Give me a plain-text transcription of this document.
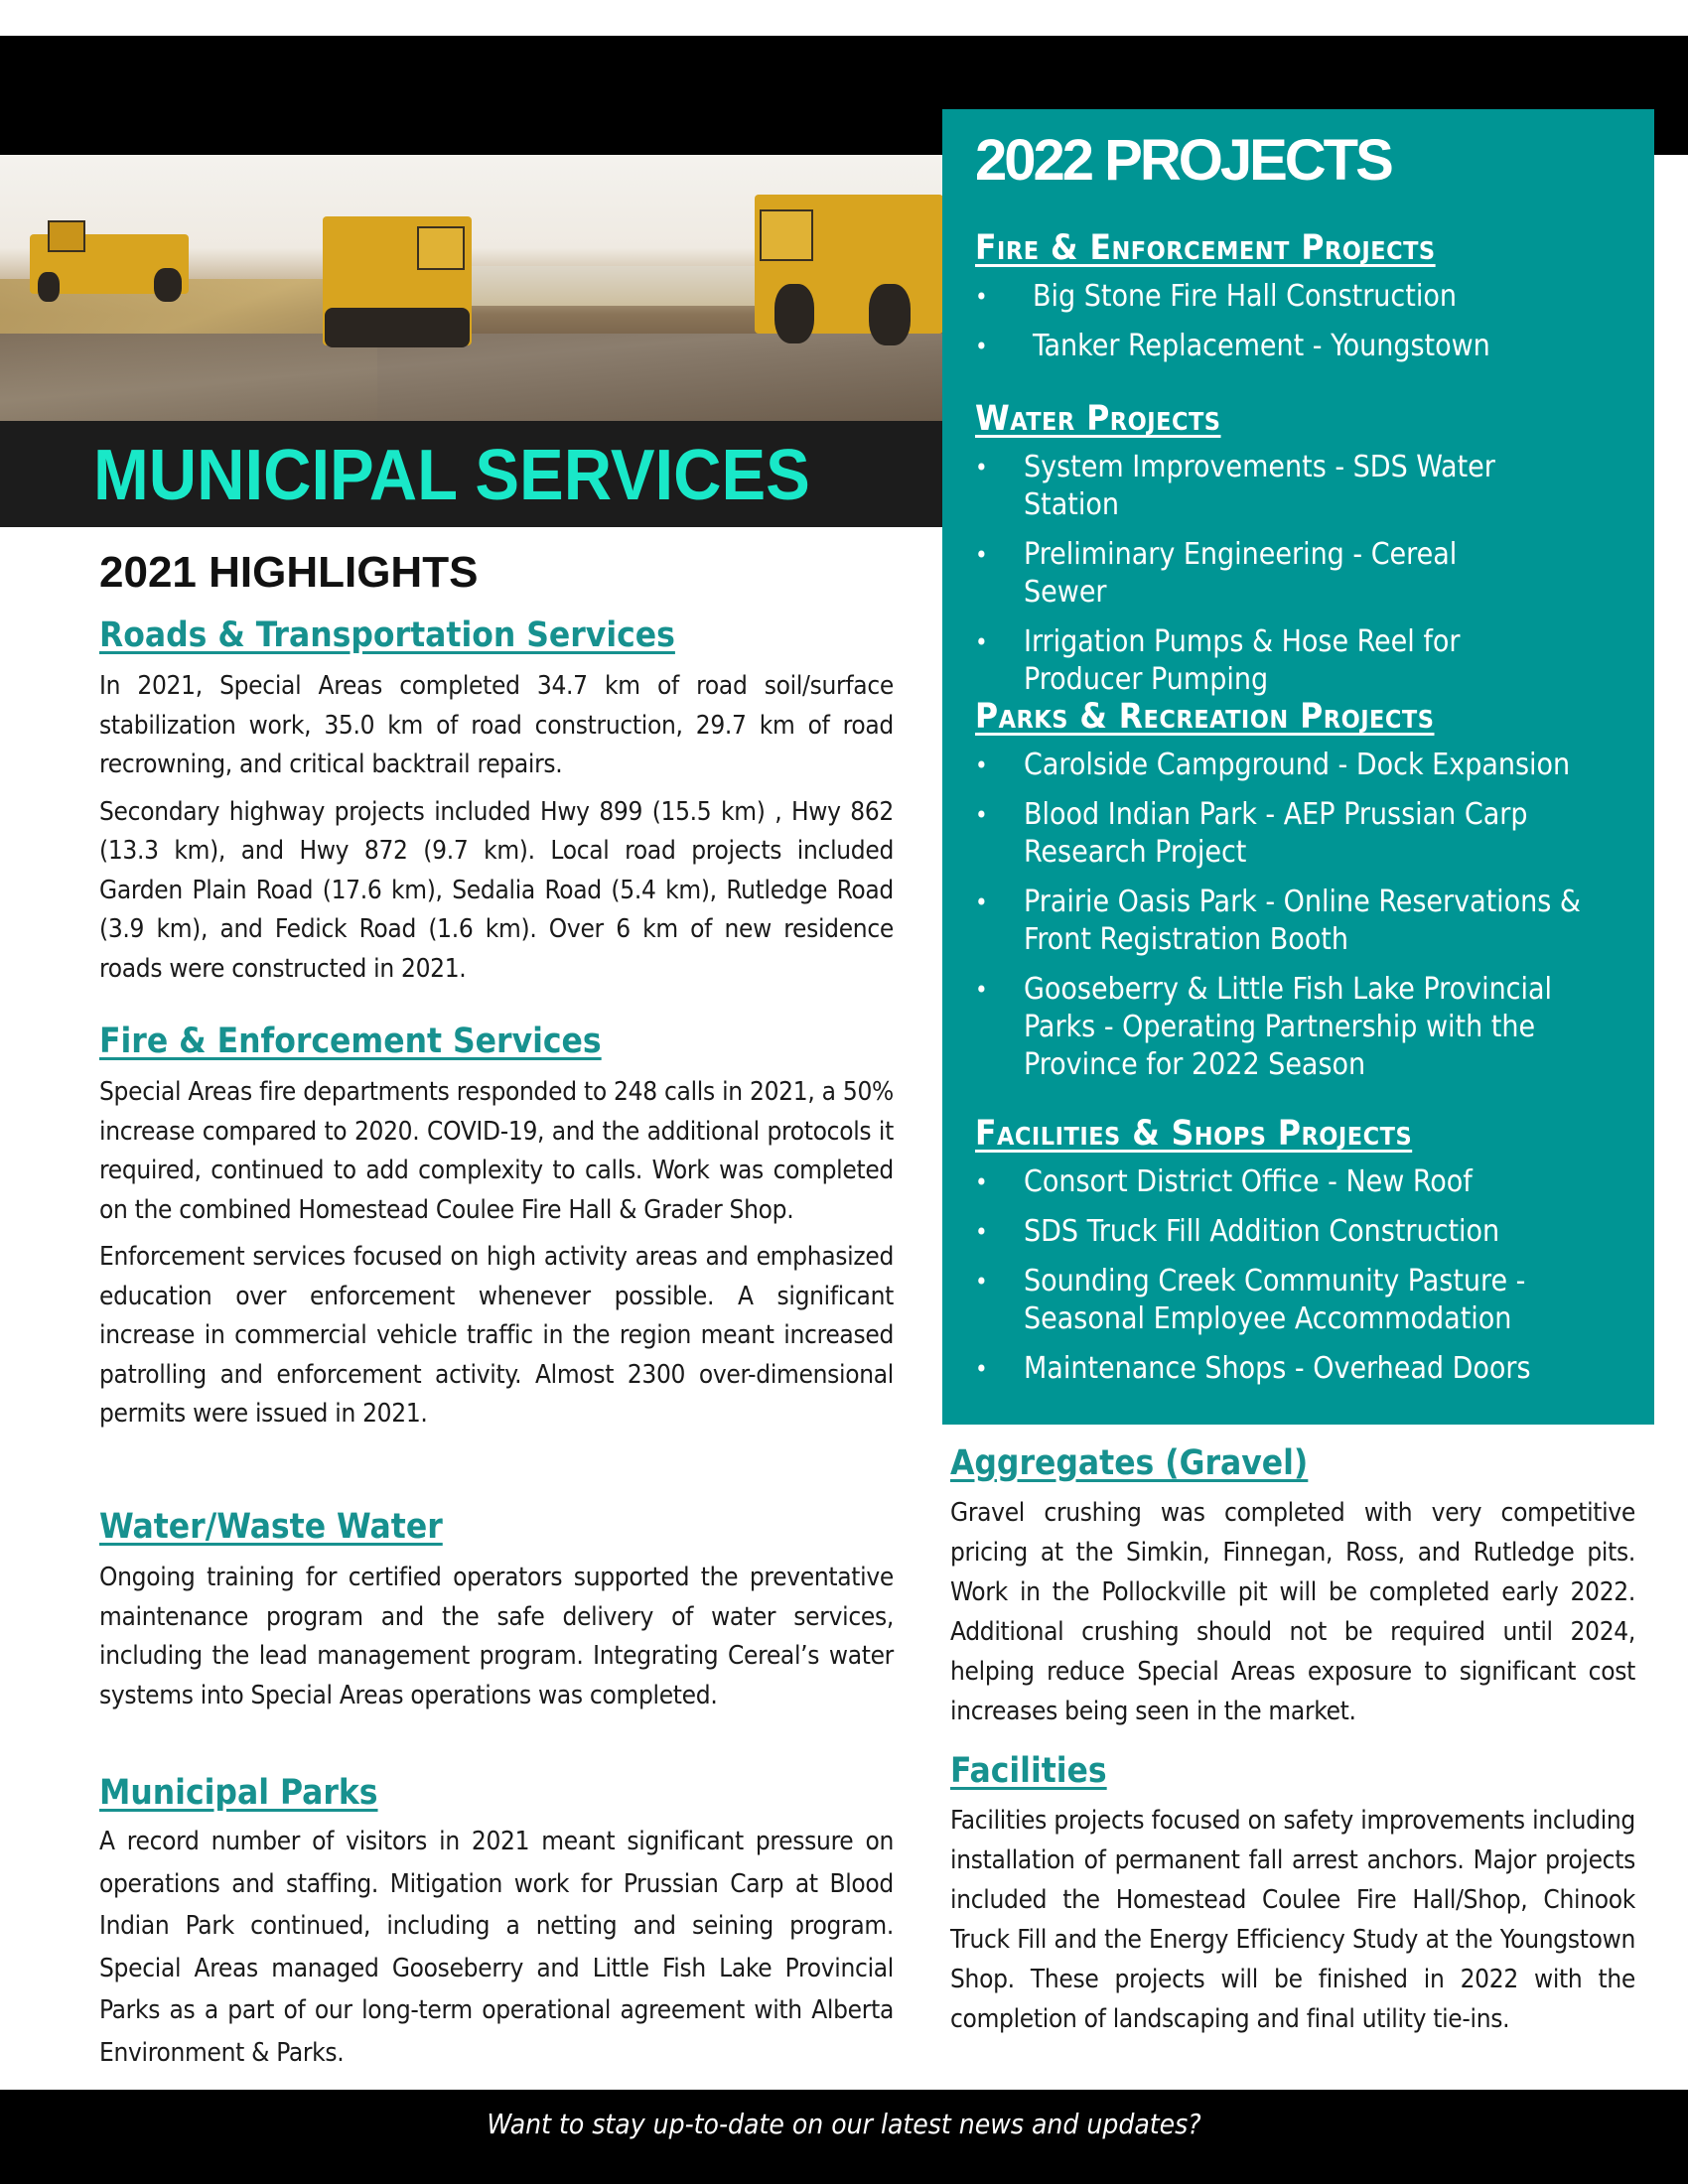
MUNICIPAL SERVICES
2022 PROJECTS
Fire & Enforcement Projects
• Big Stone Fire Hall Construction
• Tanker Replacement - Youngstown
Water Projects
• System Improvements - SDS Water Station
• Preliminary Engineering - Cereal Sewer
• Irrigation Pumps & Hose Reel for Producer Pumping
Parks & Recreation Projects
• Carolside Campground - Dock Expansion
• Blood Indian Park - AEP Prussian Carp Research Project
• Prairie Oasis Park - Online Reservations & Front Registration Booth
• Gooseberry & Little Fish Lake Provincial Parks - Operating Partnership with the Province for 2022 Season
Facilities & Shops Projects
• Consort District Office - New Roof
• SDS Truck Fill Addition Construction
• Sounding Creek Community Pasture - Seasonal Employee Accommodation
• Maintenance Shops - Overhead Doors
2021 HIGHLIGHTS
Roads & Transportation Services

In 2021, Special Areas completed 34.7 km of road soil/surface stabilization work, 35.0 km of road construction, 29.7 km of road recrowning, and critical backtrail repairs.

Secondary highway projects included Hwy 899 (15.5 km) , Hwy 862 (13.3 km), and Hwy 872 (9.7 km). Local road projects included Garden Plain Road (17.6 km), Sedalia Road (5.4 km), Rutledge Road (3.9 km), and Fedick Road (1.6 km). Over 6 km of new residence roads were constructed in 2021.

Fire & Enforcement Services

Special Areas fire departments responded to 248 calls in 2021, a 50% increase compared to 2020. COVID-19, and the additional protocols it required, continued to add complexity to calls. Work was completed on the combined Homestead Coulee Fire Hall & Grader Shop.

Enforcement services focused on high activity areas and emphasized education over enforcement whenever possible. A significant increase in commercial vehicle traffic in the region meant increased patrolling and enforcement activity. Almost 2300 over-dimensional permits were issued in 2021.

Water/Waste Water

Ongoing training for certified operators supported the preventative maintenance program and the safe delivery of water services, including the lead management program. Integrating Cereal’s water systems into Special Areas operations was completed.

Municipal Parks

A record number of visitors in 2021 meant significant pressure on operations and staffing. Mitigation work for Prussian Carp at Blood Indian Park continued, including a netting and seining program. Special Areas managed Gooseberry and Little Fish Lake Provincial Parks as a part of our long-term operational agreement with Alberta Environment & Parks.

Aggregates (Gravel)

Gravel crushing was completed with very competitive pricing at the Simkin, Finnegan, Ross, and Rutledge pits. Work in the Pollockville pit will be completed early 2022. Additional crushing should not be required until 2024, helping reduce Special Areas exposure to significant cost increases being seen in the market.

Facilities

Facilities projects focused on safety improvements including installation of permanent fall arrest anchors. Major projects included the Homestead Coulee Fire Hall/Shop, Chinook Truck Fill and the Energy Efficiency Study at the Youngstown Shop. These projects will be finished in 2022 with the completion of landscaping and final utility tie-ins.

Want to stay up-to-date on our latest news and updates?
